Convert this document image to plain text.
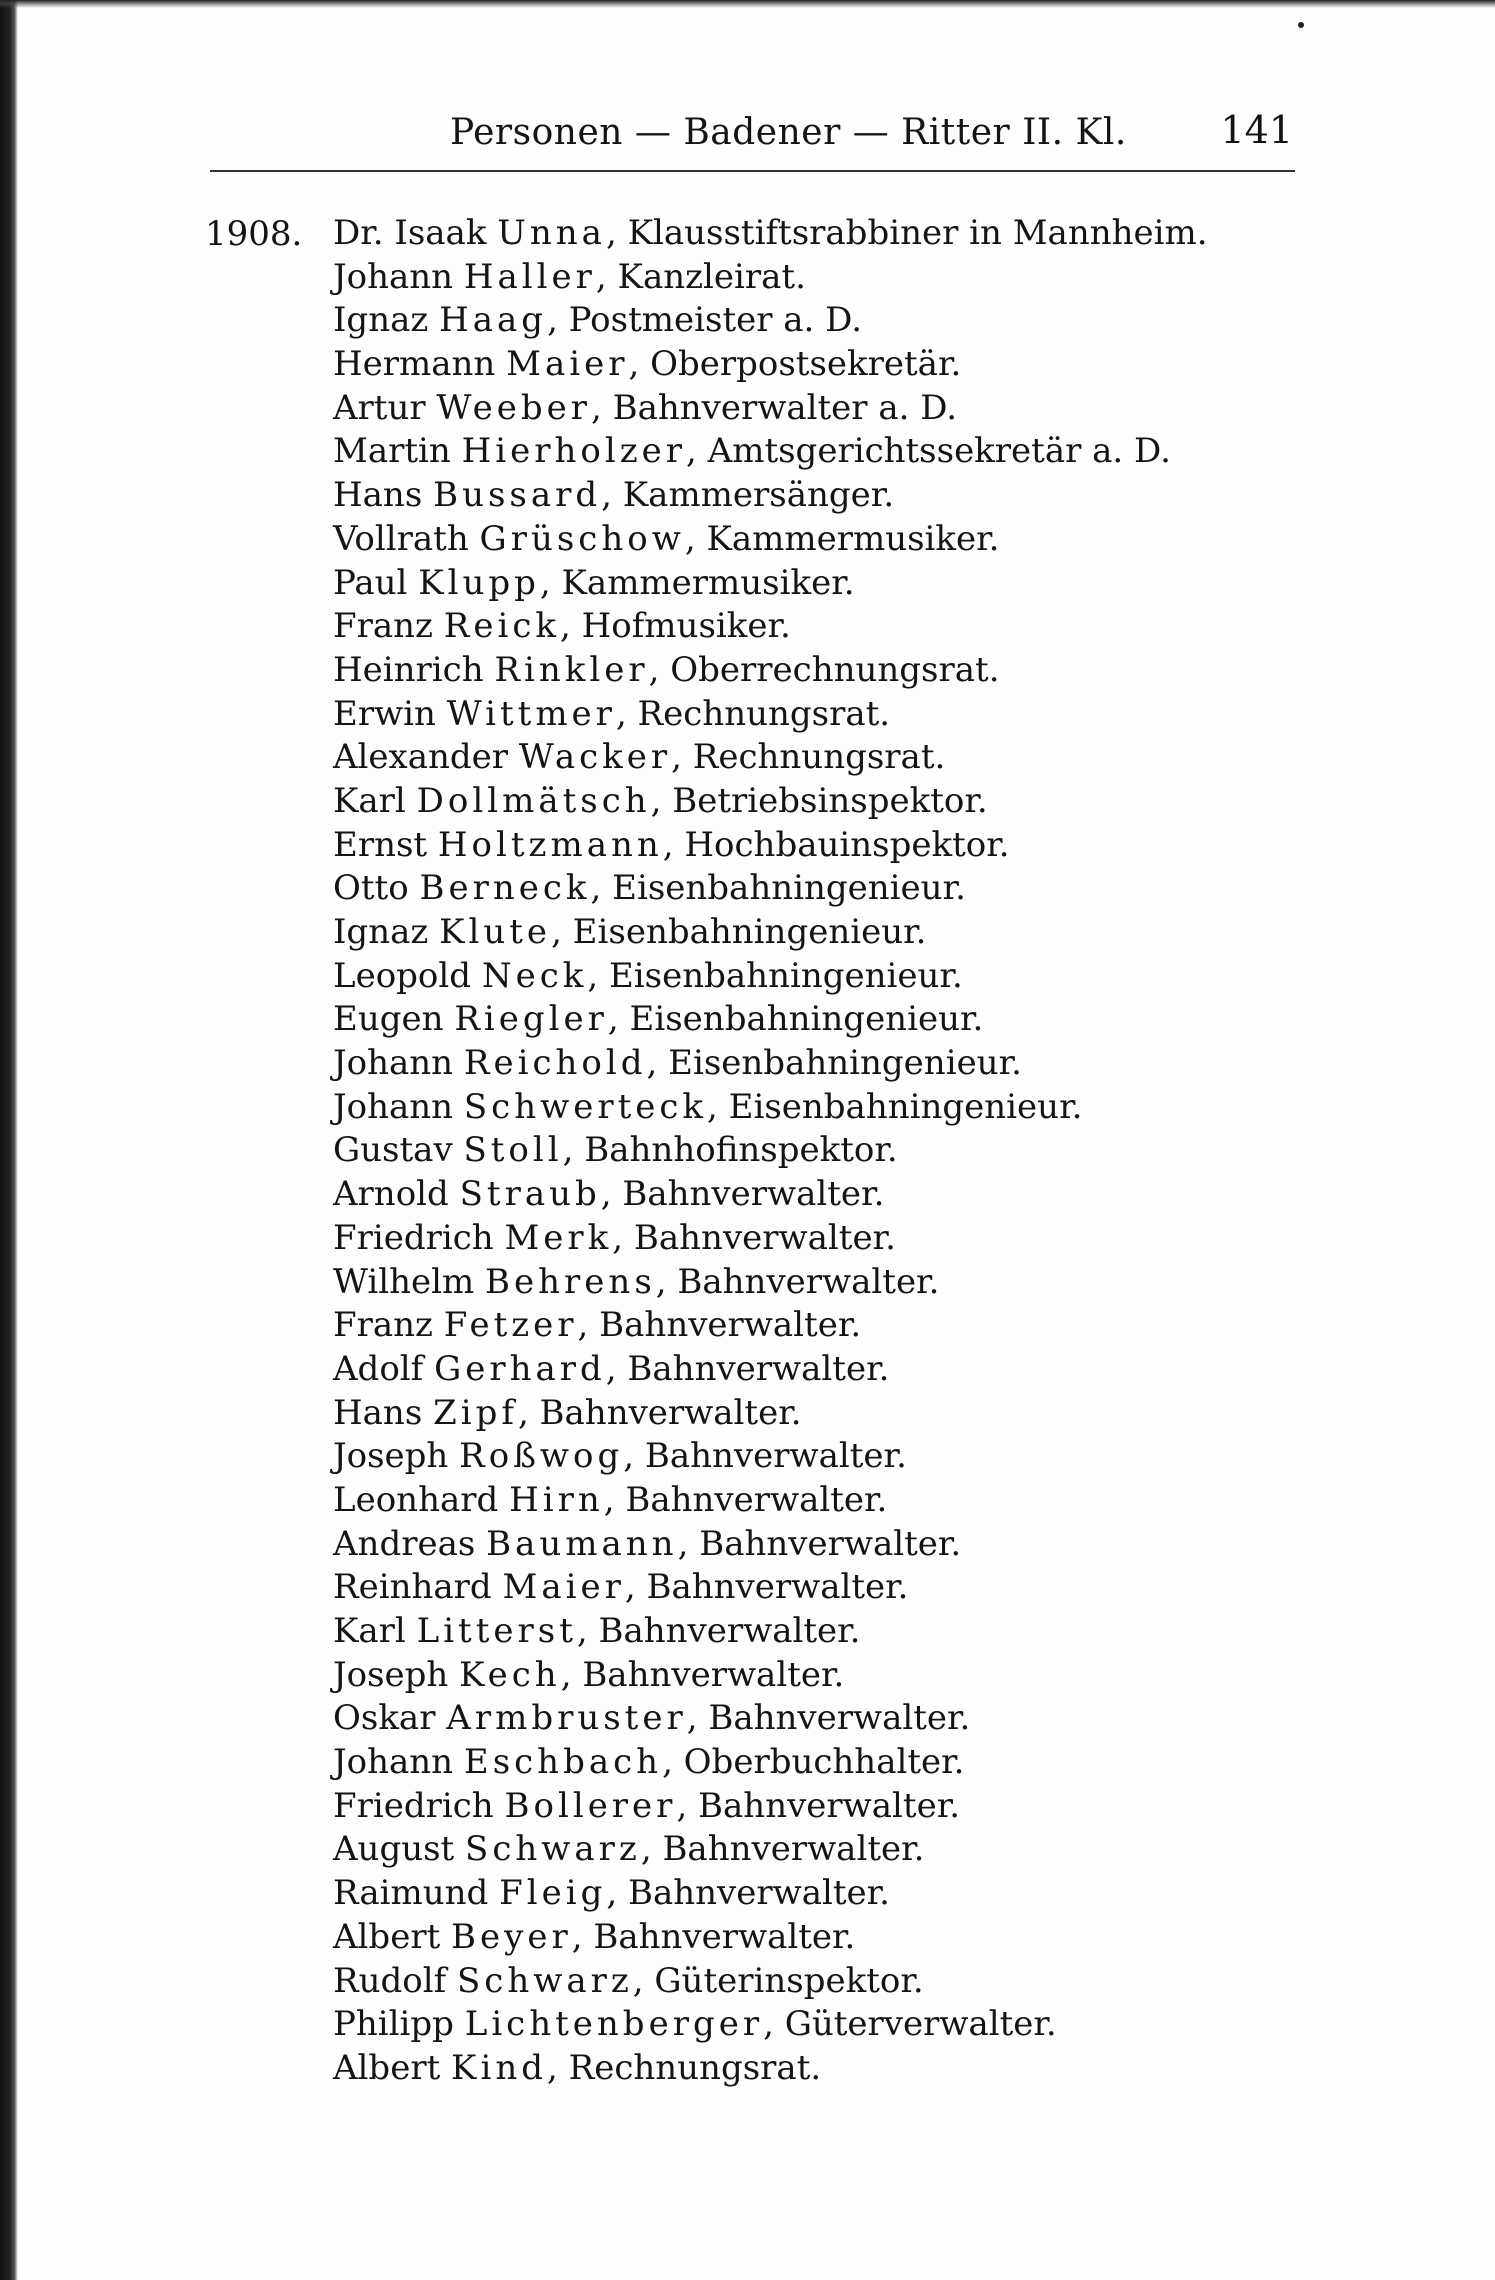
Personen — Badener — Ritter II. Kl. 141
1908. Dr. Isaak Unna, Klausstiftsrabbiner in Mannheim.
Johann Haller, Kanzleirat.
Ignaz Haag, Postmeister a. D.
Hermann Maier, Oberpostsekretär.
Artur Weeber, Bahnverwalter a. D.
Martin Hierholzer, Amtsgerichtssekretär a. D.
Hans Bussard, Kammersänger.
Vollrath Grüschow, Kammermusiker.
Paul Klupp, Kammermusiker.
Franz Reick, Hofmusiker.
Heinrich Rinkler, Oberrechnungsrat.
Erwin Wittmer, Rechnungsrat.
Alexander Wacker, Rechnungsrat.
Karl Dollmätsch, Betriebsinspektor.
Ernst Holtzmann, Hochbauinspektor.
Otto Berneck, Eisenbahningenieur.
Ignaz Klute, Eisenbahningenieur.
Leopold Neck, Eisenbahningenieur.
Eugen Riegler, Eisenbahningenieur.
Johann Reichold, Eisenbahningenieur.
Johann Schwerteck, Eisenbahningenieur.
Gustav Stoll, Bahnhofinspektor.
Arnold Straub, Bahnverwalter.
Friedrich Merk, Bahnverwalter.
Wilhelm Behrens, Bahnverwalter.
Franz Fetzer, Bahnverwalter.
Adolf Gerhard, Bahnverwalter.
Hans Zipf, Bahnverwalter.
Joseph Roßwog, Bahnverwalter.
Leonhard Hirn, Bahnverwalter.
Andreas Baumann, Bahnverwalter.
Reinhard Maier, Bahnverwalter.
Karl Litterst, Bahnverwalter.
Joseph Kech, Bahnverwalter.
Oskar Armbruster, Bahnverwalter.
Johann Eschbach, Oberbuchhalter.
Friedrich Bollerer, Bahnverwalter.
August Schwarz, Bahnverwalter.
Raimund Fleig, Bahnverwalter.
Albert Beyer, Bahnverwalter.
Rudolf Schwarz, Güterinspektor.
Philipp Lichtenberger, Güterverwalter.
Albert Kind, Rechnungsrat.
